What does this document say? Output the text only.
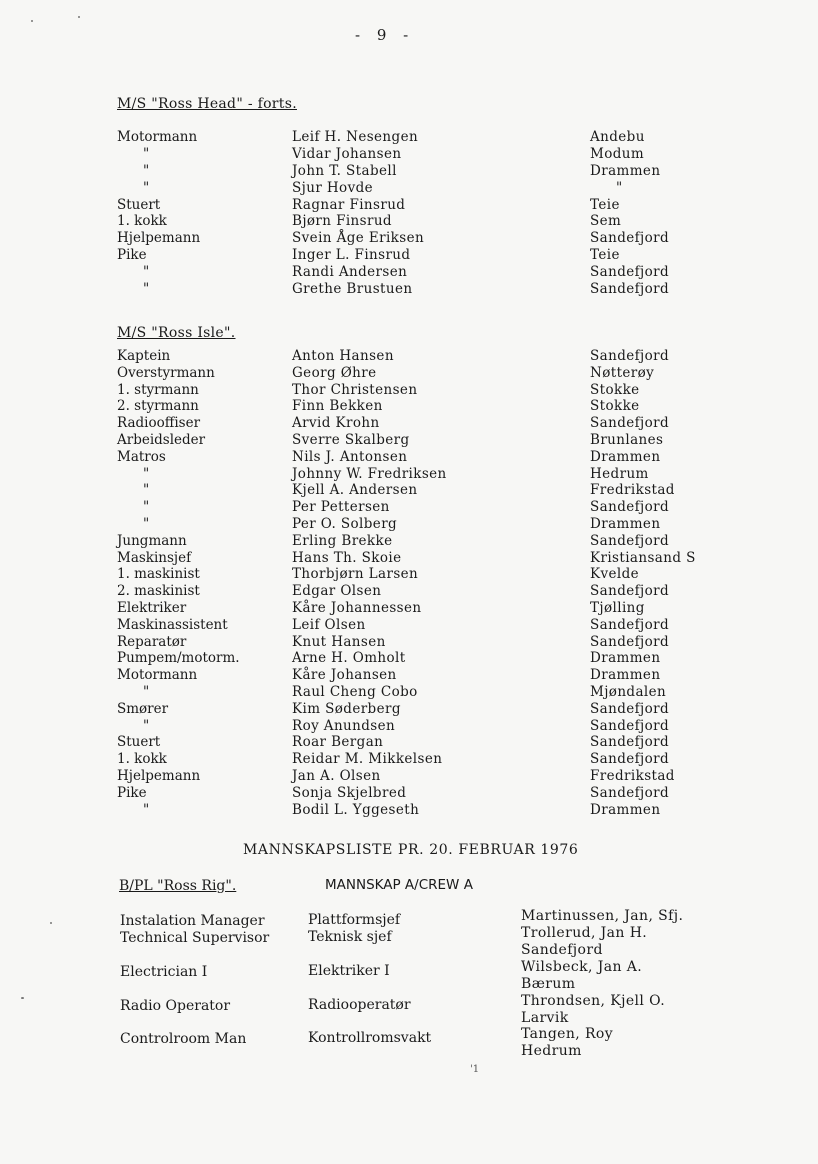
- 9 -
M/S "Ross Head" - forts.
Motormann	Leif H. Nesengen	Andebu
"	Vidar Johansen	Modum
"	John T. Stabell	Drammen
"	Sjur Hovde	"
Stuert	Ragnar Finsrud	Teie
1. kokk	Bjørn Finsrud	Sem
Hjelpemann	Svein Åge Eriksen	Sandefjord
Pike	Inger L. Finsrud	Teie
"	Randi Andersen	Sandefjord
"	Grethe Brustuen	Sandefjord
M/S "Ross Isle".
Kaptein	Anton Hansen	Sandefjord
Overstyrmann	Georg Øhre	Nøtterøy
1. styrmann	Thor Christensen	Stokke
2. styrmann	Finn Bekken	Stokke
Radiooffiser	Arvid Krohn	Sandefjord
Arbeidsleder	Sverre Skalberg	Brunlanes
Matros	Nils J. Antonsen	Drammen
"	Johnny W. Fredriksen	Hedrum
"	Kjell A. Andersen	Fredrikstad
"	Per Pettersen	Sandefjord
"	Per O. Solberg	Drammen
Jungmann	Erling Brekke	Sandefjord
Maskinsjef	Hans Th. Skoie	Kristiansand S
1. maskinist	Thorbjørn Larsen	Kvelde
2. maskinist	Edgar Olsen	Sandefjord
Elektriker	Kåre Johannessen	Tjølling
Maskinassistent	Leif Olsen	Sandefjord
Reparatør	Knut Hansen	Sandefjord
Pumpem/motorm.	Arne H. Omholt	Drammen
Motormann	Kåre Johansen	Drammen
"	Raul Cheng Cobo	Mjøndalen
Smører	Kim Søderberg	Sandefjord
"	Roy Anundsen	Sandefjord
Stuert	Roar Bergan	Sandefjord
1. kokk	Reidar M. Mikkelsen	Sandefjord
Hjelpemann	Jan A. Olsen	Fredrikstad
Pike	Sonja Skjelbred	Sandefjord
"	Bodil L. Yggeseth	Drammen
MANNSKAPSLISTE PR. 20. FEBRUAR 1976
B/PL "Ross Rig".	MANNSKAP A/CREW A
Instalation Manager	Plattformsjef	Martinussen, Jan, Sfj.
Technical Supervisor	Teknisk sjef	Trollerud, Jan H.
Sandefjord
Electrician I	Elektriker I	Wilsbeck, Jan A.
Bærum
Radio Operator	Radiooperatør	Throndsen, Kjell O.
Larvik
Controlroom Man	Kontrollromsvakt	Tangen, Roy
Hedrum
'1
